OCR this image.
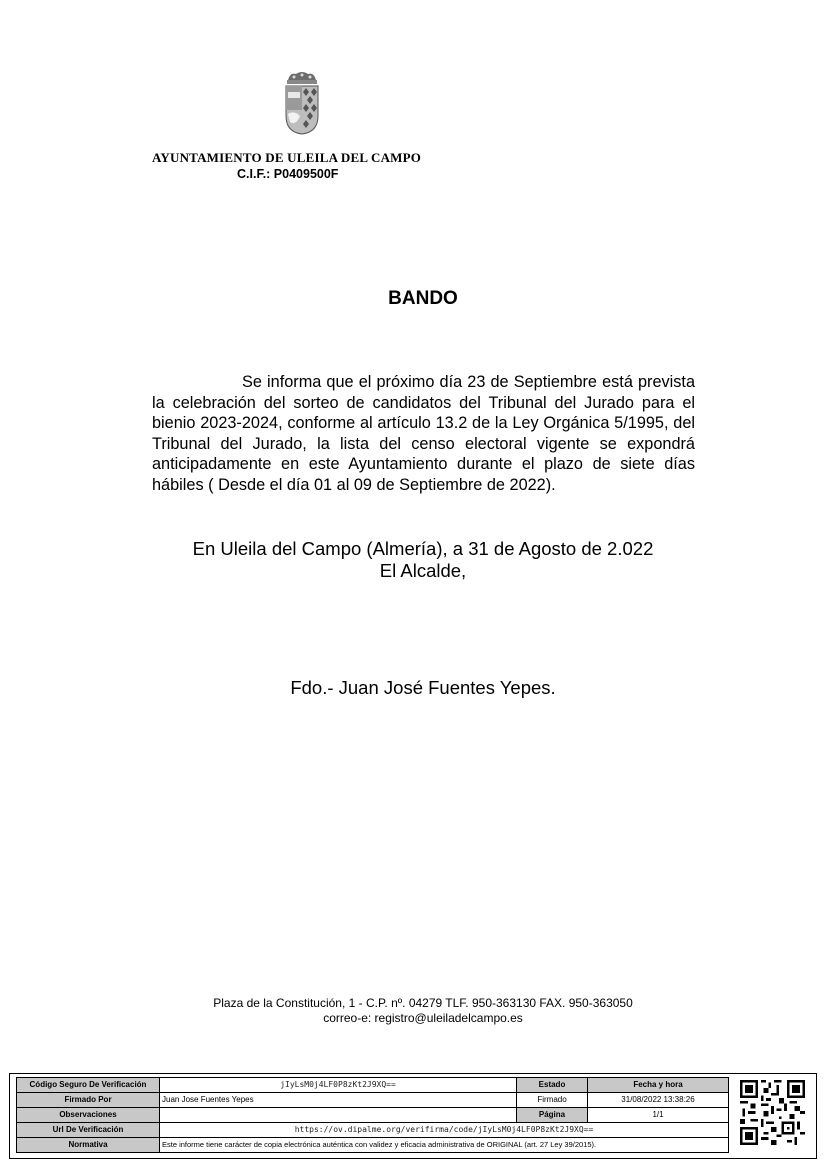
AYUNTAMIENTO DE ULEILA DEL CAMPO
C.I.F.: P0409500F
BANDO
Se informa que el próximo día 23 de Septiembre está prevista la celebración del sorteo de candidatos del Tribunal del Jurado para el bienio 2023-2024, conforme al artículo 13.2 de la Ley Orgánica 5/1995, del Tribunal del Jurado, la lista del censo electoral vigente se expondrá anticipadamente en este Ayuntamiento durante el plazo de siete días hábiles ( Desde el día 01 al 09 de Septiembre de 2022).
En Uleila del Campo (Almería), a 31 de Agosto de 2.022
El Alcalde,
Fdo.- Juan José Fuentes Yepes.
Plaza de la Constitución, 1 - C.P. nº. 04279 TLF. 950-363130 FAX. 950-363050
correo-e: registro@uleiladelcampo.es
Código Seguro De Verificación	jIyLsM0j4LF0P8zKt2J9XQ==	Estado	Fecha y hora
Firmado Por	Juan Jose Fuentes Yepes	Firmado	31/08/2022 13:38:26
Observaciones		Página	1/1
Url De Verificación	https://ov.dipalme.org/verifirma/code/jIyLsM0j4LF0P8zKt2J9XQ==		
Normativa	Este informe tiene carácter de copia electrónica auténtica con validez y eficacia administrativa de ORIGINAL (art. 27 Ley 39/2015).		
